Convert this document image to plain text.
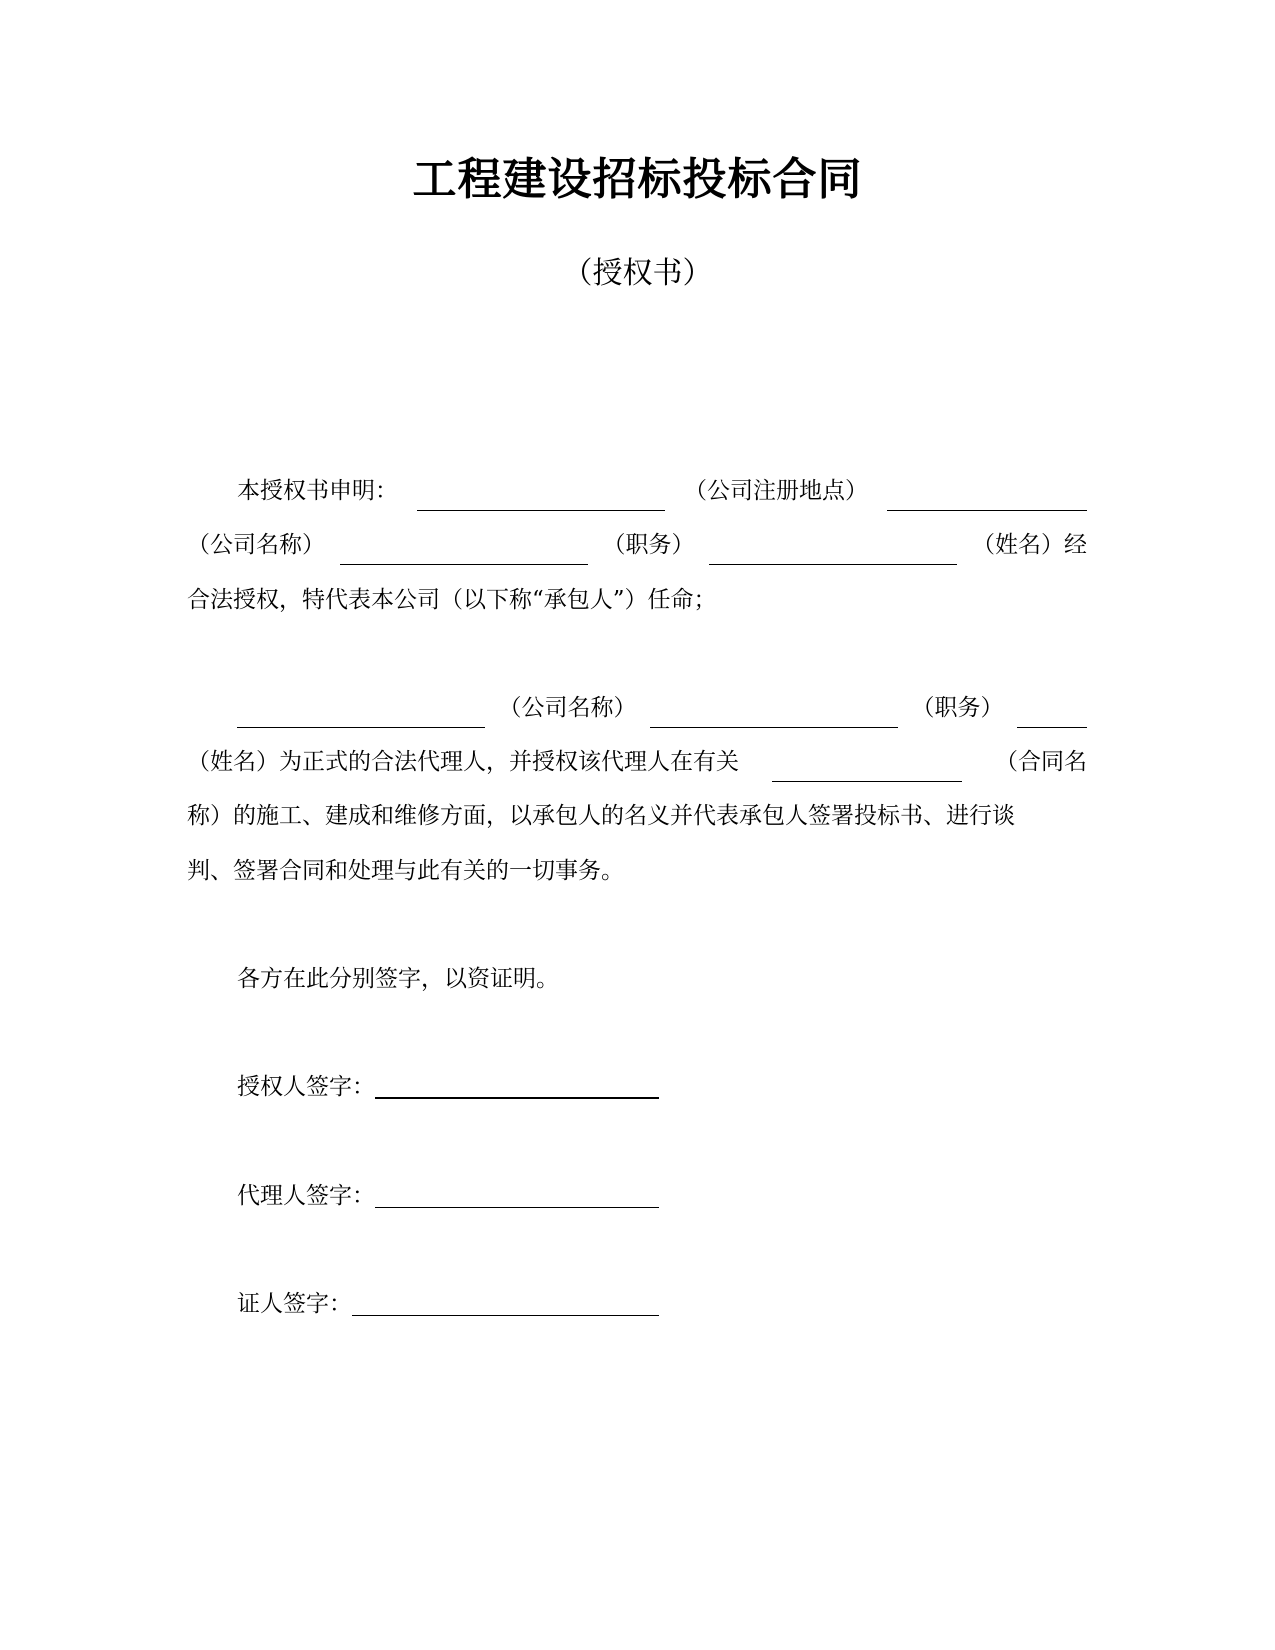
工程建设招标投标合同
（授权书）
本授权书申明：	（公司注册地点）
（公司名称）	（职务）	（姓名）经
合法授权，特代表本公司（以下称“承包人”）任命；
（公司名称）	（职务）
（姓名）为正式的合法代理人，并授权该代理人在有关	（合同名
称）的施工、建成和维修方面，以承包人的名义并代表承包人签署投标书、进行谈
判、签署合同和处理与此有关的一切事务。
各方在此分别签字，以资证明。
授权人签字：
代理人签字：
证人签字：
